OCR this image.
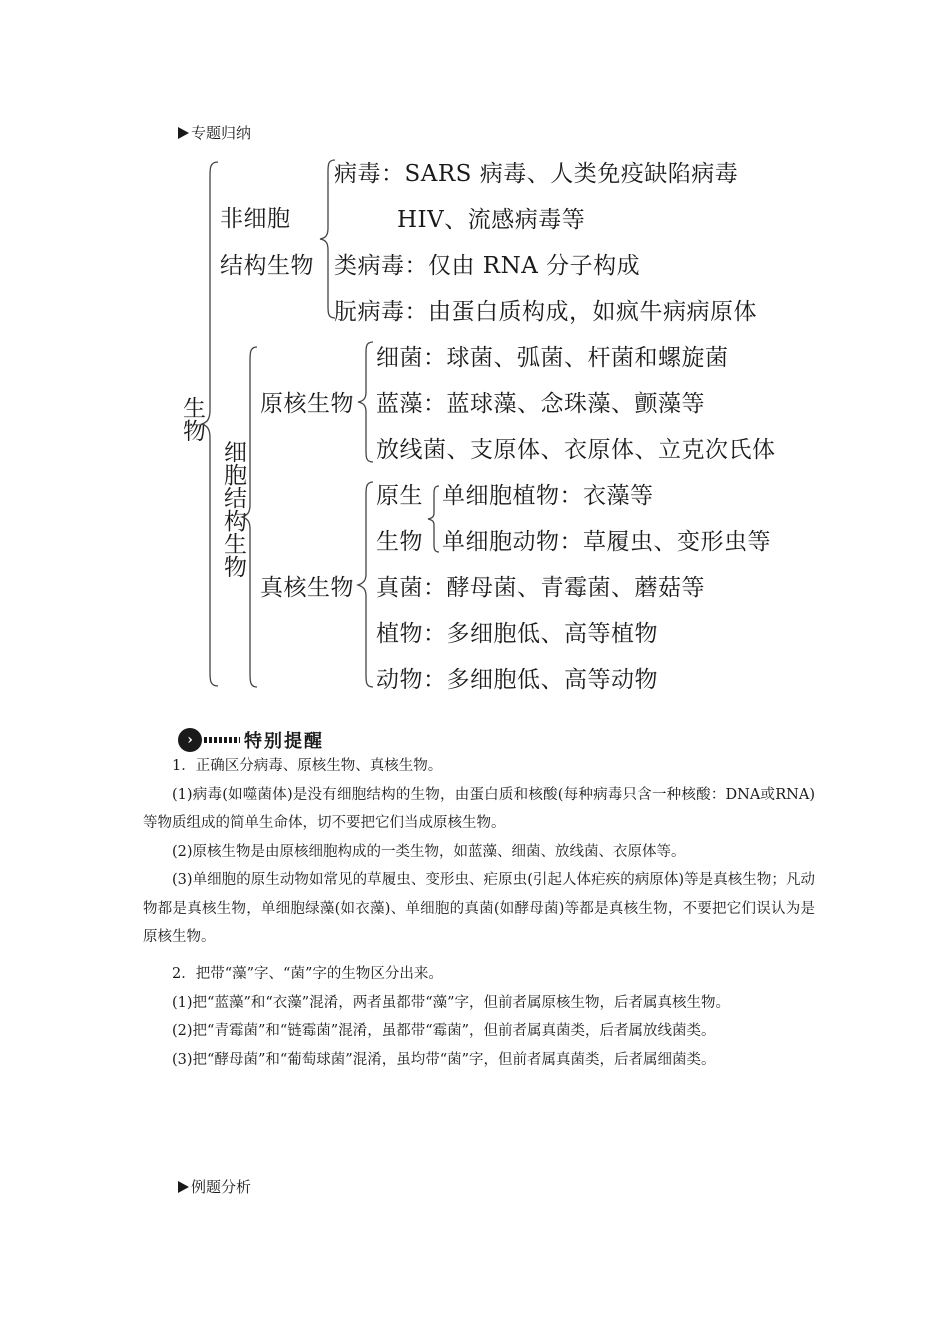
专题归纳
生物
非细胞
结构生物
病毒：SARS 病毒、人类免疫缺陷病毒
HIV、流感病毒等
类病毒：仅由 RNA 分子构成
朊病毒：由蛋白质构成，如疯牛病病原体
细胞结构生物
原核生物
细菌：球菌、弧菌、杆菌和螺旋菌
蓝藻：蓝球藻、念珠藻、颤藻等
放线菌、支原体、衣原体、立克次氏体
真核生物
原生
生物
单细胞植物：衣藻等
单细胞动物：草履虫、变形虫等
真菌：酵母菌、青霉菌、蘑菇等
植物：多细胞低、高等植物
动物：多细胞低、高等动物
›	特别提醒

1．正确区分病毒、原核生物、真核生物。

(1)病毒(如噬菌体)是没有细胞结构的生物，由蛋白质和核酸(每种病毒只含一种核酸：DNA或RNA)等物质组成的简单生命体，切不要把它们当成原核生物。

(2)原核生物是由原核细胞构成的一类生物，如蓝藻、细菌、放线菌、衣原体等。

(3)单细胞的原生动物如常见的草履虫、变形虫、疟原虫(引起人体疟疾的病原体)等是真核生物；凡动物都是真核生物，单细胞绿藻(如衣藻)、单细胞的真菌(如酵母菌)等都是真核生物，不要把它们误认为是原核生物。

2．把带“藻”字、“菌”字的生物区分出来。

(1)把“蓝藻”和“衣藻”混淆，两者虽都带“藻”字，但前者属原核生物，后者属真核生物。

(2)把“青霉菌”和“链霉菌”混淆，虽都带“霉菌”，但前者属真菌类，后者属放线菌类。

(3)把“酵母菌”和“葡萄球菌”混淆，虽均带“菌”字，但前者属真菌类，后者属细菌类。

例题分析
